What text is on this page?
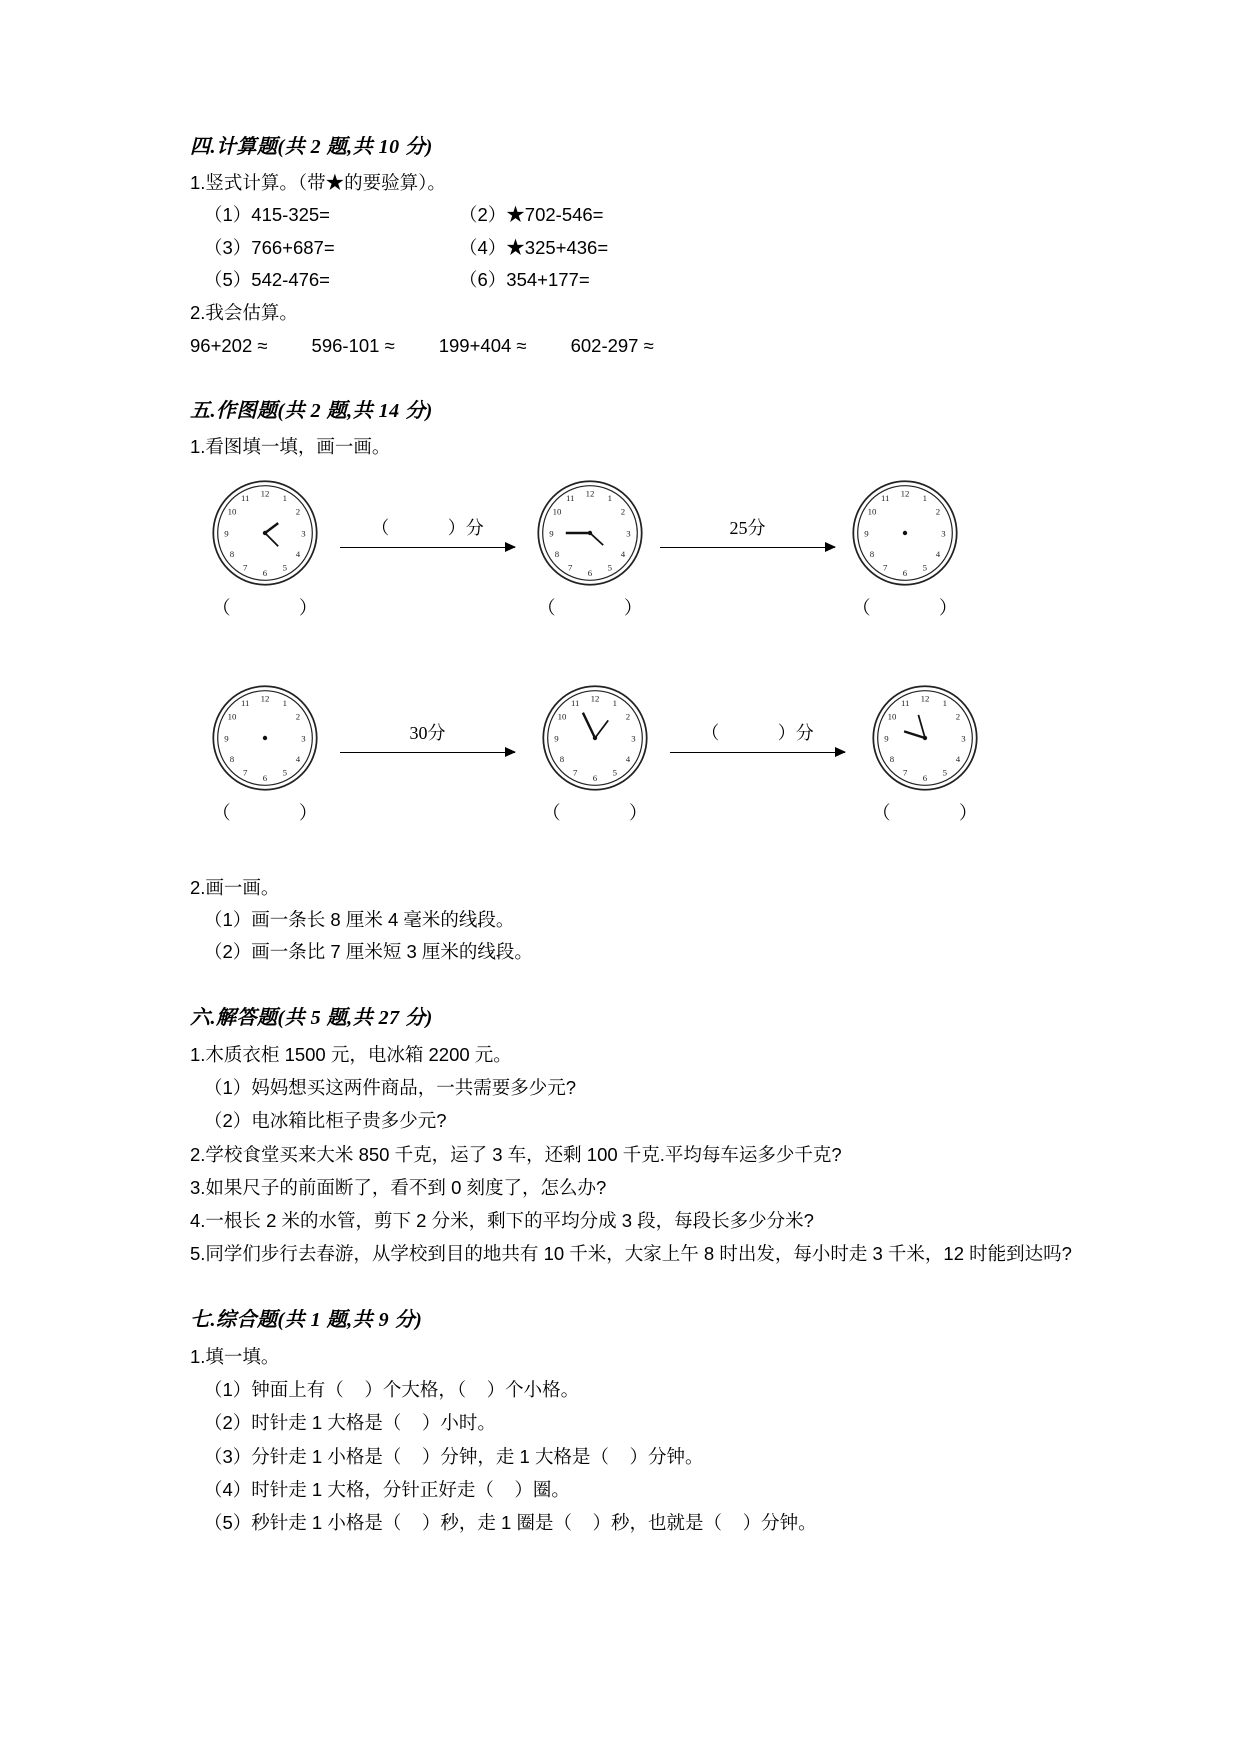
四.计算题(共 2 题,共 10 分)
1.竖式计算。（带★的要验算）。
（1）415-325=	（2）★702-546=
（3）766+687=	（4）★325+436=
（5）542-476=	（6）354+177=
2.我会估算。
96+202 ≈ 596-101 ≈ 199+404 ≈ 602-297 ≈
五.作图题(共 2 题,共 14 分)
1.看图填一填，画一画。
12 1
2
3
4
5
6
7
8
9
10
11
（            ）
（             ）分
12 1
2
3
4
5
6
7
8
9
10
11
（            ）
25分
12 1
2
3
4
5
6
7
8
9
10
11
（            ）
12 1
2
3
4
5
6
7
8
9
10
11
（            ）
30分
12 1
2
3
4
5
6
7
8
9
10
11
（            ）
（             ）分
12 1
2
3
4
5
6
7
8
9
10
11
（            ）
2.画一画。
（1）画一条长 8 厘米 4 毫米的线段。
（2）画一条比 7 厘米短 3 厘米的线段。
六.解答题(共 5 题,共 27 分)
1.木质衣柜 1500 元，电冰箱 2200 元。
（1）妈妈想买这两件商品，一共需要多少元?
（2）电冰箱比柜子贵多少元?
2.学校食堂买来大米 850 千克，运了 3 车，还剩 100 千克.平均每车运多少千克?
3.如果尺子的前面断了，看不到 0 刻度了，怎么办?
4.一根长 2 米的水管，剪下 2 分米，剩下的平均分成 3 段，每段长多少分米?
5.同学们步行去春游，从学校到目的地共有 10 千米，大家上午 8 时出发，每小时走 3 千米，12 时能到达吗?
七.综合题(共 1 题,共 9 分)
1.填一填。
（1）钟面上有（    ）个大格，（    ）个小格。
（2）时针走 1 大格是（    ）小时。
（3）分针走 1 小格是（    ）分钟，走 1 大格是（    ）分钟。
（4）时针走 1 大格，分针正好走（    ）圈。
（5）秒针走 1 小格是（    ）秒，走 1 圈是（    ）秒，也就是（    ）分钟。
